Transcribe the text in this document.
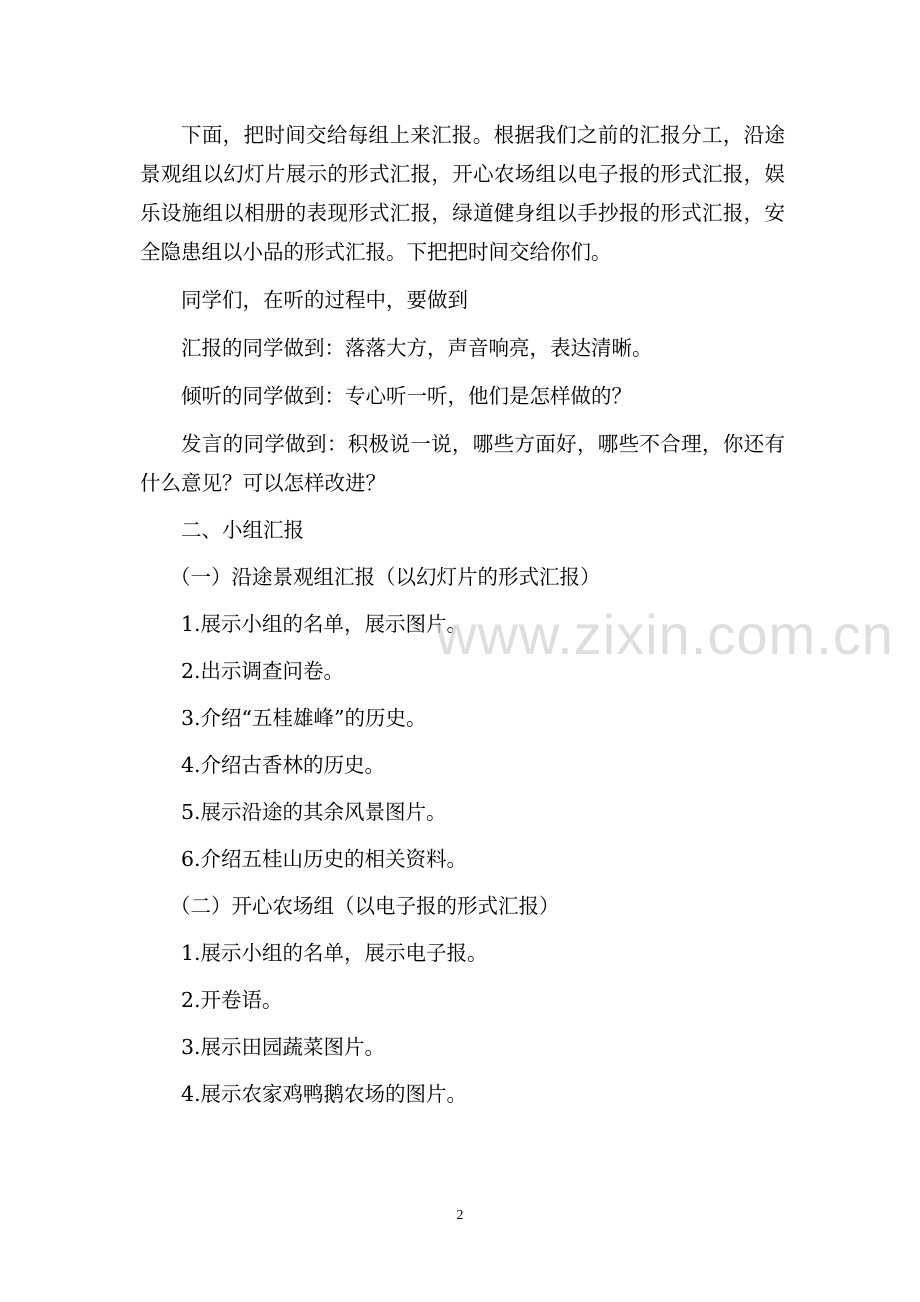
下面，把时间交给每组上来汇报。根据我们之前的汇报分工，沿途景观组以幻灯片展示的形式汇报，开心农场组以电子报的形式汇报，娱乐设施组以相册的表现形式汇报，绿道健身组以手抄报的形式汇报，安全隐患组以小品的形式汇报。下把把时间交给你们。

同学们，在听的过程中，要做到

汇报的同学做到：落落大方，声音响亮，表达清晰。

倾听的同学做到：专心听一听，他们是怎样做的？

发言的同学做到：积极说一说，哪些方面好，哪些不合理，你还有什么意见？可以怎样改进？

二、小组汇报

（一）沿途景观组汇报（以幻灯片的形式汇报）

1.展示小组的名单，展示图片。

2.出示调查问卷。

3.介绍“五桂雄峰”的历史。

4.介绍古香林的历史。

5.展示沿途的其余风景图片。

6.介绍五桂山历史的相关资料。

（二）开心农场组（以电子报的形式汇报）

1.展示小组的名单，展示电子报。

2.开卷语。

3.展示田园蔬菜图片。

4.展示农家鸡鸭鹅农场的图片。

www.zixin.com.cn
2
